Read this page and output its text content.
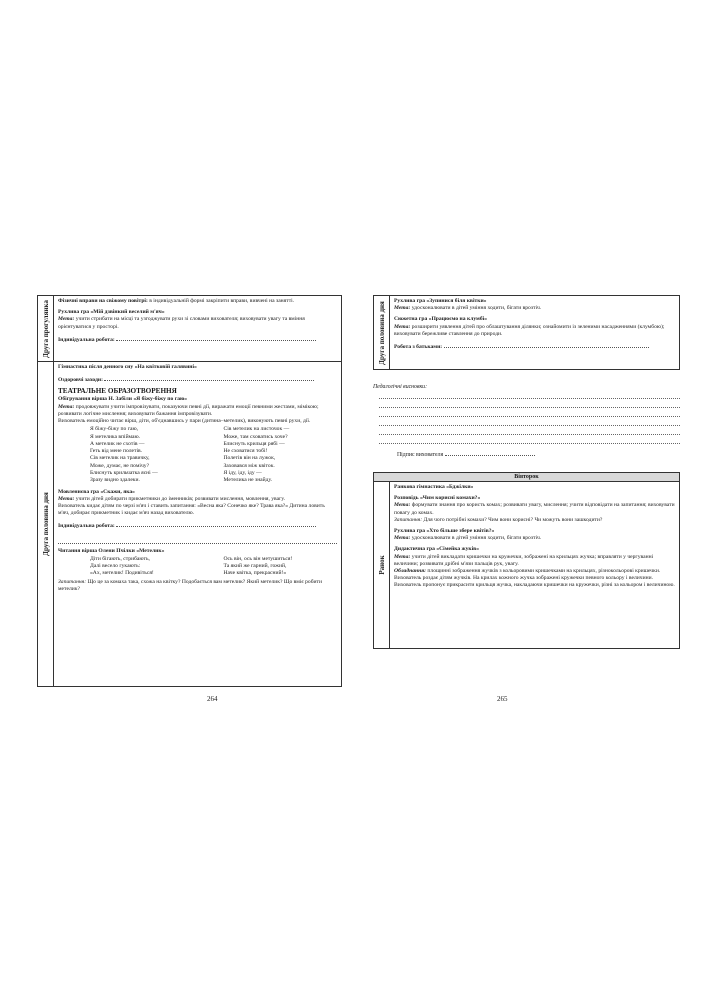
Друга прогулянка Фізичні вправи на свіжому повітрі: в індивідуальній формі закріпити вправи, вивчені на занятті.
Рухлива гра «Мій дзвінкий веселий м'яч»
Мета: учити стрибати на місці та узгоджувати рухи зі словами вихователя; виховувати увагу та вміння орієнтуватися у просторі.
Індивідуальна робота:
Друга половина дня
Гімнастика після денного сну «На квітковій галявині»
Оздоровчі заходи:
ТЕАТРАЛЬНЕ ОБРАЗОТВОРЕННЯ
Обігрування вірша Н. Забіли «Я біжу-біжу по гаю»
Мета: продовжувати учити імпровізувати, показуючи певні дії, виражати емоції певними жестами, мімікою; розвивати логічне мислення; виховувати бажання імпровізувати.
Вихователь емоційно читає вірш, діти, об'єднавшись у пари (дитина–метелик), виконують певні рухи, дії.
Я біжу-біжу по гаю,
Я метелика впіймаю.
А метелик не схотів —
Геть від мене полетів.
Сів метелик на травичку,
Може, думає, не помічу?
Блиснуть крильчатка ясні —
Зразу видно здалеки.
Сів метелик на листочок —
Може, там сховатись хоче?
Блиснуть крильця рябі —
Не сховатися тобі!
Полетів він на лужок,
Заховався між квіток.
Я іду, іду, іду —
Метелика не знайду.
Мовленнєва гра «Скажи, яка»
Мета: учити дітей добирати прикметники до іменників; розвивати мислення, мовлення, увагу.
Вихователь кидає дітям по черзі м'яч і ставить запитання: «Весна яка? Сонечко яке? Трава яка?» Дитина ловить м'яч, добирає прикметник і кидає м'яч назад вихователю.
Індивідуальна робота:
Читання вірша Олени Пчілки «Метелик»
Діти бігають, стрибають,
Далі весело гукають:
«Ах, метелик! Подивіться!
Ось він, ось він метушиться!
Та який же гарний, гожий,
Наче квітка, прекрасний!»
Запитання: Що це за комаха така, схожа на квітку? Подобається вам метелик? Який метелик? Що вміє робити метелик?
264
Друга половина дня Рухлива гра «Зупинися біля квітки»
Мета: удосконалювати в дітей уміння ходити, бігати врозтіч.
Сюжетна гра «Працюємо на клумбі»
Мета: розширити уявлення дітей про облаштування ділянки; ознайомити із зеленими насадженнями (клумбою); виховувати бережливе ставлення до природи.
Робота з батьками:
Педагогічні висновки:
Підпис вихователя
Вівторок
Ранок
Ранкова гімнастика «Бджілки»
Розповідь «Чим корисні комахи?»
Мета: формувати знання про користь комах; розвивати увагу, мислення; учити відповідати на запитання; виховувати повагу до комах.
Запитання: Для чого потрібні комахи? Чим вони корисні? Чи можуть вони зашкодити?
Рухлива гра «Хто більше збере квітів?»
Мета: удосконалювати в дітей уміння ходити, бігати врозтіч.
Дидактична гра «Сімейка жуків»
Мета: учити дітей викладати кришечки на кружечки, зображені на крильцях жучка; вправляти у чергуванні величини; розвивати дрібні м'язи пальців рук, увагу.
Обладнання: площинні зображення жучків з кольоровими кришечками на крильцях, різнокольорові кришечки.
Вихователь роздає дітям жучків. На крилах кожного жучка зображені кружечки певного кольору і величини. Вихователь пропонує прикрасити крильця жучка, накладаючи кришечки на кружечки, різні за кольором і величиною.
265
